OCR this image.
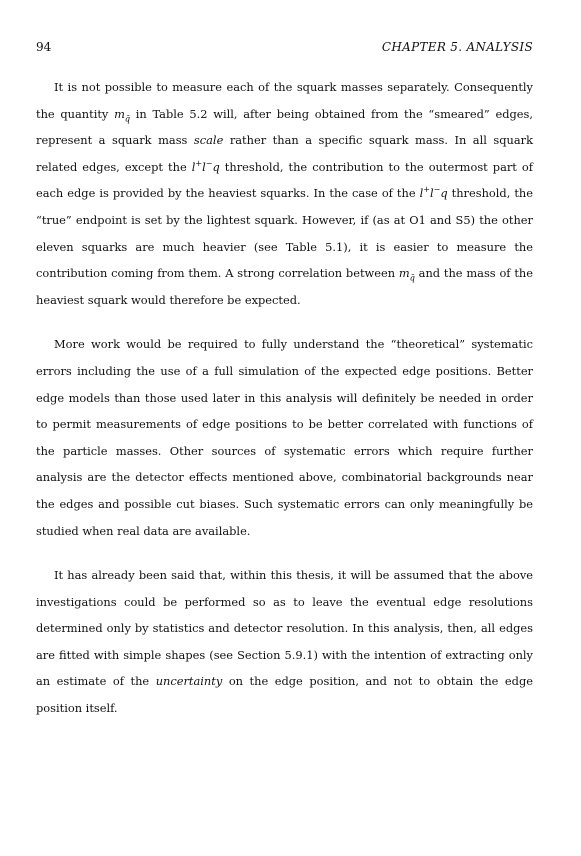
94	CHAPTER 5. ANALYSIS

It is not possible to measure each of the squark masses separately. Consequently the quantity $m_{q̃}$ in Table 5.2 will, after being obtained from the “smeared” edges, represent a squark mass scale rather than a specific squark mass. In all squark related edges, except the l+l−q threshold, the contribution to the outermost part of each edge is provided by the heaviest squarks. In the case of the l+l−q threshold, the “true” endpoint is set by the lightest squark. However, if (as at O1 and S5) the other eleven squarks are much heavier (see Table 5.1), it is easier to measure the contribution coming from them. A strong correlation between $m_{q̃}$ and the mass of the heaviest squark would therefore be expected.

More work would be required to fully understand the “theoretical” systematic errors including the use of a full simulation of the expected edge positions. Better edge models than those used later in this analysis will definitely be needed in order to permit measurements of edge positions to be better correlated with functions of the particle masses. Other sources of systematic errors which require further analysis are the detector effects mentioned above, combinatorial backgrounds near the edges and possible cut biases. Such systematic errors can only meaningfully be studied when real data are available.

It has already been said that, within this thesis, it will be assumed that the above investigations could be performed so as to leave the eventual edge resolutions determined only by statistics and detector resolution. In this analysis, then, all edges are fitted with simple shapes (see Section 5.9.1) with the intention of extracting only an estimate of the uncertainty on the edge position, and not to obtain the edge position itself.
